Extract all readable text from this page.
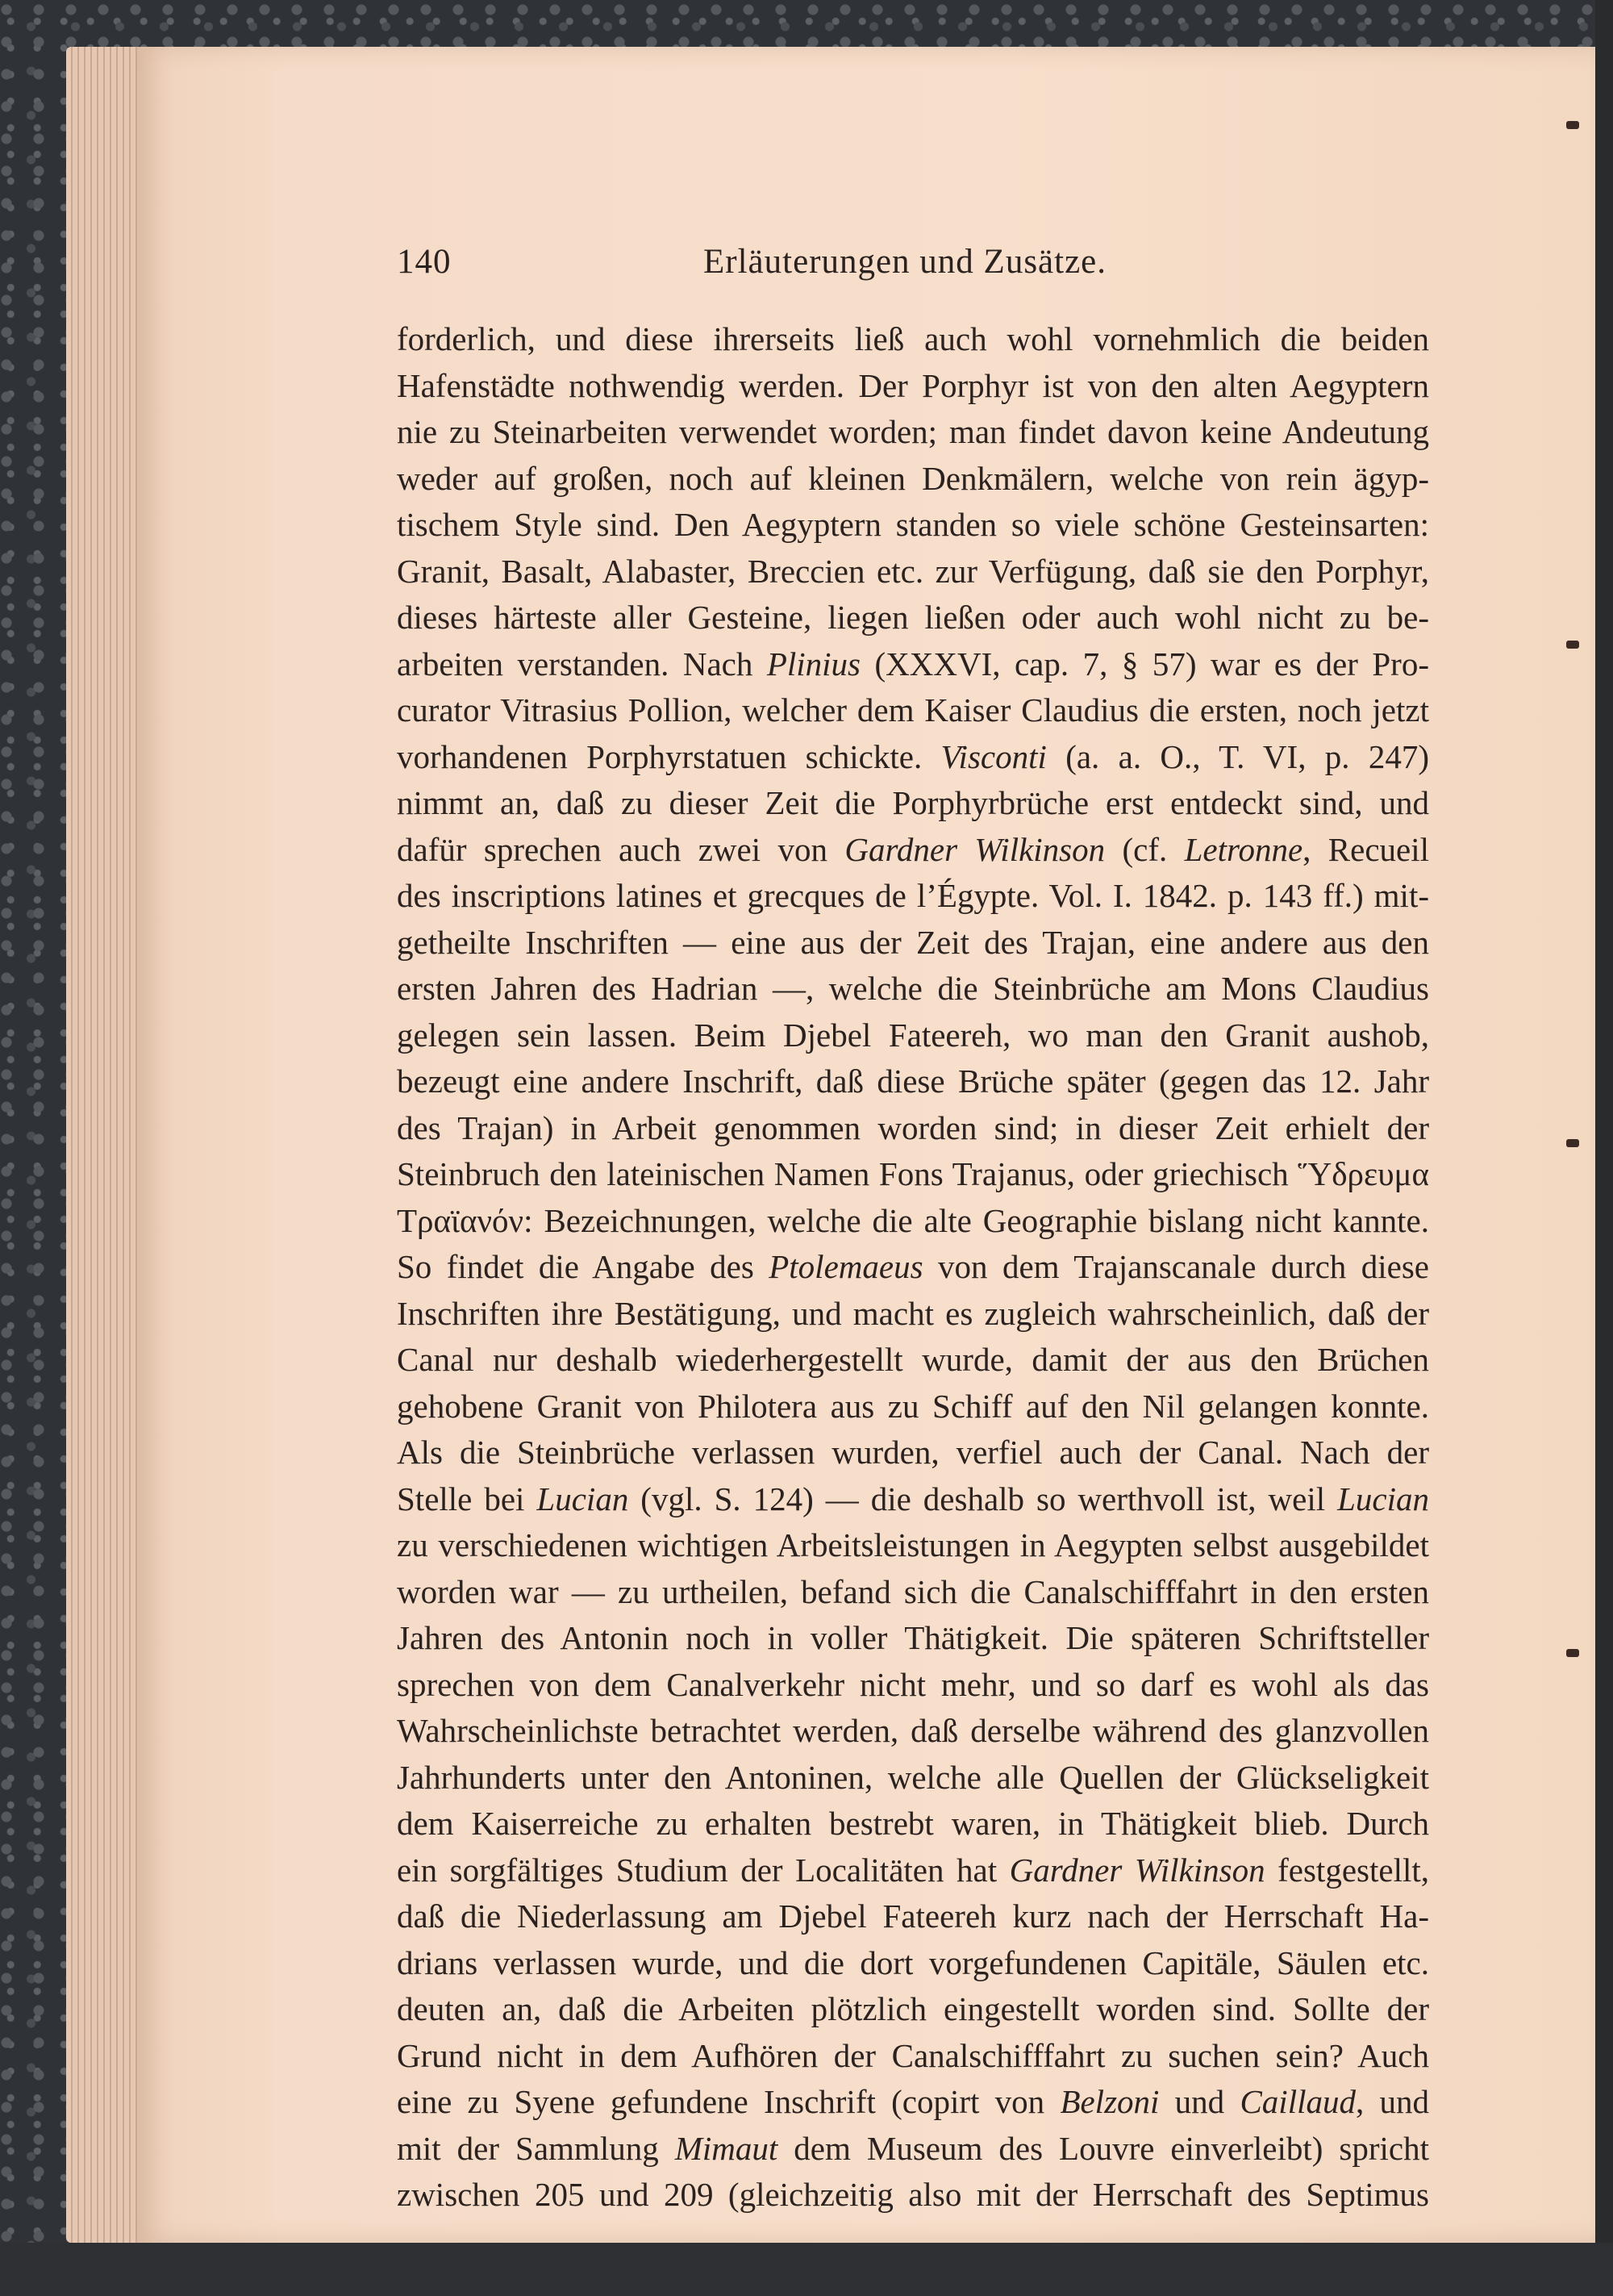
140	Erläuterungen und Zusätze.
forderlich, und diese ihrerseits ließ auch wohl vornehmlich die beiden
Hafenstädte nothwendig werden. Der Porphyr ist von den alten Aegyptern
nie zu Steinarbeiten verwendet worden; man findet davon keine Andeutung
weder auf großen, noch auf kleinen Denkmälern, welche von rein ägyp-
tischem Style sind. Den Aegyptern standen so viele schöne Gesteinsarten:
Granit, Basalt, Alabaster, Breccien etc. zur Verfügung, daß sie den Porphyr,
dieses härteste aller Gesteine, liegen ließen oder auch wohl nicht zu be-
arbeiten verstanden. Nach Plinius (XXXVI, cap. 7, § 57) war es der Pro-
curator Vitrasius Pollion, welcher dem Kaiser Claudius die ersten, noch jetzt
vorhandenen Porphyrstatuen schickte. Visconti (a. a. O., T. VI, p. 247)
nimmt an, daß zu dieser Zeit die Porphyrbrüche erst entdeckt sind, und
dafür sprechen auch zwei von Gardner Wilkinson (cf. Letronne, Recueil
des inscriptions latines et grecques de l’Égypte. Vol. I. 1842. p. 143 ff.) mit-
getheilte Inschriften — eine aus der Zeit des Trajan, eine andere aus den
ersten Jahren des Hadrian —, welche die Steinbrüche am Mons Claudius
gelegen sein lassen. Beim Djebel Fateereh, wo man den Granit aushob,
bezeugt eine andere Inschrift, daß diese Brüche später (gegen das 12. Jahr
des Trajan) in Arbeit genommen worden sind; in dieser Zeit erhielt der
Steinbruch den lateinischen Namen Fons Trajanus, oder griechisch Ὕδρευμα
Τραϊανόν: Bezeichnungen, welche die alte Geographie bislang nicht kannte.
So findet die Angabe des Ptolemaeus von dem Trajanscanale durch diese
Inschriften ihre Bestätigung, und macht es zugleich wahrscheinlich, daß der
Canal nur deshalb wiederhergestellt wurde, damit der aus den Brüchen
gehobene Granit von Philotera aus zu Schiff auf den Nil gelangen konnte.
Als die Steinbrüche verlassen wurden, verfiel auch der Canal. Nach der
Stelle bei Lucian (vgl. S. 124) — die deshalb so werthvoll ist, weil Lucian
zu verschiedenen wichtigen Arbeitsleistungen in Aegypten selbst ausgebildet
worden war — zu urtheilen, befand sich die Canalschifffahrt in den ersten
Jahren des Antonin noch in voller Thätigkeit. Die späteren Schriftsteller
sprechen von dem Canalverkehr nicht mehr, und so darf es wohl als das
Wahrscheinlichste betrachtet werden, daß derselbe während des glanzvollen
Jahrhunderts unter den Antoninen, welche alle Quellen der Glückseligkeit
dem Kaiserreiche zu erhalten bestrebt waren, in Thätigkeit blieb. Durch
ein sorgfältiges Studium der Localitäten hat Gardner Wilkinson festgestellt,
daß die Niederlassung am Djebel Fateereh kurz nach der Herrschaft Ha-
drians verlassen wurde, und die dort vorgefundenen Capitäle, Säulen etc.
deuten an, daß die Arbeiten plötzlich eingestellt worden sind. Sollte der
Grund nicht in dem Aufhören der Canalschifffahrt zu suchen sein? Auch
eine zu Syene gefundene Inschrift (copirt von Belzoni und Caillaud, und
mit der Sammlung Mimaut dem Museum des Louvre einverleibt) spricht
zwischen 205 und 209 (gleichzeitig also mit der Herrschaft des Septimus
